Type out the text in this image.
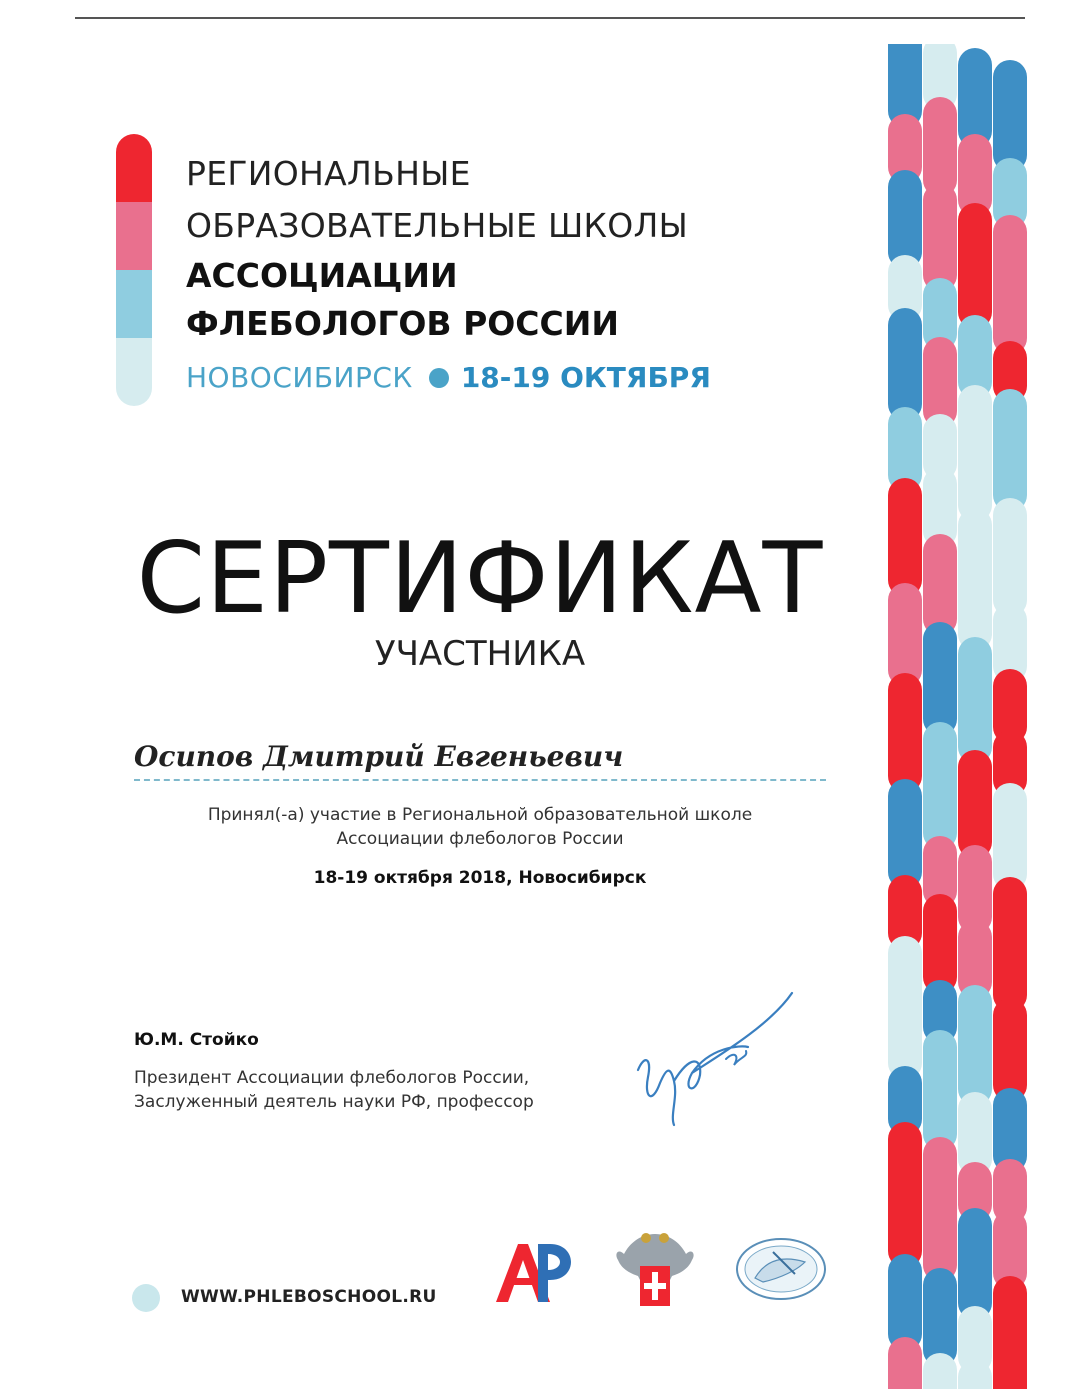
РЕГИОНАЛЬНЫЕ
ОБРАЗОВАТЕЛЬНЫЕ ШКОЛЫ
АССОЦИАЦИИ
ФЛЕБОЛОГОВ РОССИИ
НОВОСИБИРСК 18-19 ОКТЯБРЯ
СЕРТИФИКАТ
УЧАСТНИКА
Осипов Дмитрий Евгеньевич
Принял(-а) участие в Региональной образовательной школе
Ассоциации флебологов России
18-19 октября 2018, Новосибирск
Ю.М. Стойко
Президент Ассоциации флебологов России,
Заслуженный деятель науки РФ, профессор
WWW.PHLEBOSCHOOL.RU
